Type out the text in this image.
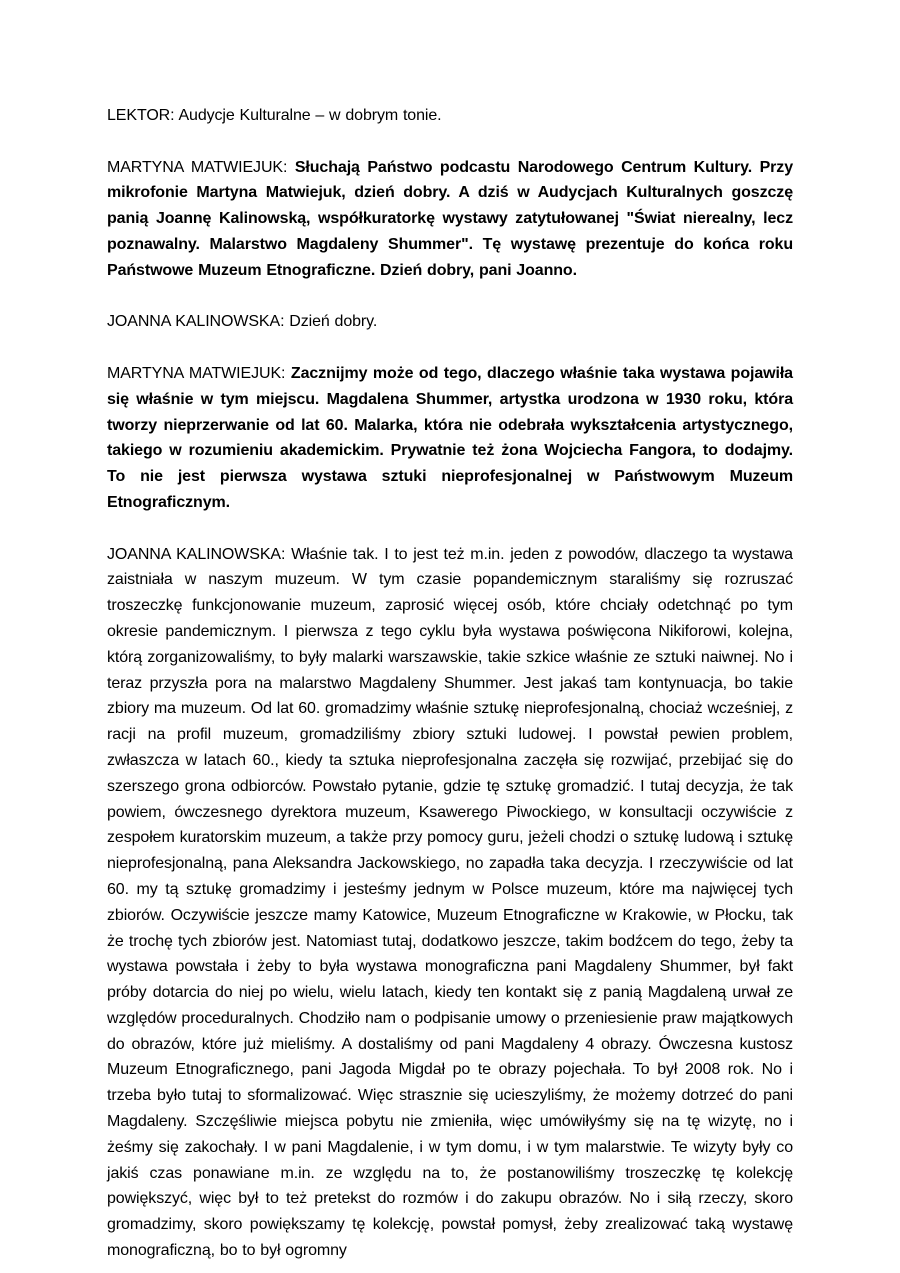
LEKTOR: Audycje Kulturalne – w dobrym tonie.

MARTYNA MATWIEJUK: Słuchają Państwo podcastu Narodowego Centrum Kultury. Przy mikrofonie Martyna Matwiejuk, dzień dobry. A dziś w Audycjach Kulturalnych goszczę panią Joannę Kalinowską, współkuratorkę wystawy zatytułowanej "Świat nierealny, lecz poznawalny. Malarstwo Magdaleny Shummer". Tę wystawę prezentuje do końca roku Państwowe Muzeum Etnograficzne. Dzień dobry, pani Joanno.

JOANNA KALINOWSKA: Dzień dobry.

MARTYNA MATWIEJUK: Zacznijmy może od tego, dlaczego właśnie taka wystawa pojawiła się właśnie w tym miejscu. Magdalena Shummer, artystka urodzona w 1930 roku, która tworzy nieprzerwanie od lat 60. Malarka, która nie odebrała wykształcenia artystycznego, takiego w rozumieniu akademickim. Prywatnie też żona Wojciecha Fangora, to dodajmy. To nie jest pierwsza wystawa sztuki nieprofesjonalnej w Państwowym Muzeum Etnograficznym.

JOANNA KALINOWSKA: Właśnie tak. I to jest też m.in. jeden z powodów, dlaczego ta wystawa zaistniała w naszym muzeum. W tym czasie popandemicznym staraliśmy się rozruszać troszeczkę funkcjonowanie muzeum, zaprosić więcej osób, które chciały odetchnąć po tym okresie pandemicznym. I pierwsza z tego cyklu była wystawa poświęcona Nikiforowi, kolejna, którą zorganizowaliśmy, to były malarki warszawskie, takie szkice właśnie ze sztuki naiwnej. No i teraz przyszła pora na malarstwo Magdaleny Shummer. Jest jakaś tam kontynuacja, bo takie zbiory ma muzeum. Od lat 60. gromadzimy właśnie sztukę nieprofesjonalną, chociaż wcześniej, z racji na profil muzeum, gromadziliśmy zbiory sztuki ludowej. I powstał pewien problem, zwłaszcza w latach 60., kiedy ta sztuka nieprofesjonalna zaczęła się rozwijać, przebijać się do szerszego grona odbiorców. Powstało pytanie, gdzie tę sztukę gromadzić. I tutaj decyzja, że tak powiem, ówczesnego dyrektora muzeum, Ksawerego Piwockiego, w konsultacji oczywiście z zespołem kuratorskim muzeum, a także przy pomocy guru, jeżeli chodzi o sztukę ludową i sztukę nieprofesjonalną, pana Aleksandra Jackowskiego, no zapadła taka decyzja. I rzeczywiście od lat 60. my tą sztukę gromadzimy i jesteśmy jednym w Polsce muzeum, które ma najwięcej tych zbiorów. Oczywiście jeszcze mamy Katowice, Muzeum Etnograficzne w Krakowie, w Płocku, tak że trochę tych zbiorów jest. Natomiast tutaj, dodatkowo jeszcze, takim bodźcem do tego, żeby ta wystawa powstała i żeby to była wystawa monograficzna pani Magdaleny Shummer, był fakt próby dotarcia do niej po wielu, wielu latach, kiedy ten kontakt się z panią Magdaleną urwał ze względów proceduralnych. Chodziło nam o podpisanie umowy o przeniesienie praw majątkowych do obrazów, które już mieliśmy. A dostaliśmy od pani Magdaleny 4 obrazy. Ówczesna kustosz Muzeum Etnograficznego, pani Jagoda Migdał po te obrazy pojechała. To był 2008 rok. No i trzeba było tutaj to sformalizować. Więc strasznie się ucieszyliśmy, że możemy dotrzeć do pani Magdaleny. Szczęśliwie miejsca pobytu nie zmieniła, więc umówiłyśmy się na tę wizytę, no i żeśmy się zakochały. I w pani Magdalenie, i w tym domu, i w tym malarstwie. Te wizyty były co jakiś czas ponawiane m.in. ze względu na to, że postanowiliśmy troszeczkę tę kolekcję powiększyć, więc był to też pretekst do rozmów i do zakupu obrazów. No i siłą rzeczy, skoro gromadzimy, skoro powiększamy tę kolekcję, powstał pomysł, żeby zrealizować taką wystawę monograficzną, bo to był ogromny
